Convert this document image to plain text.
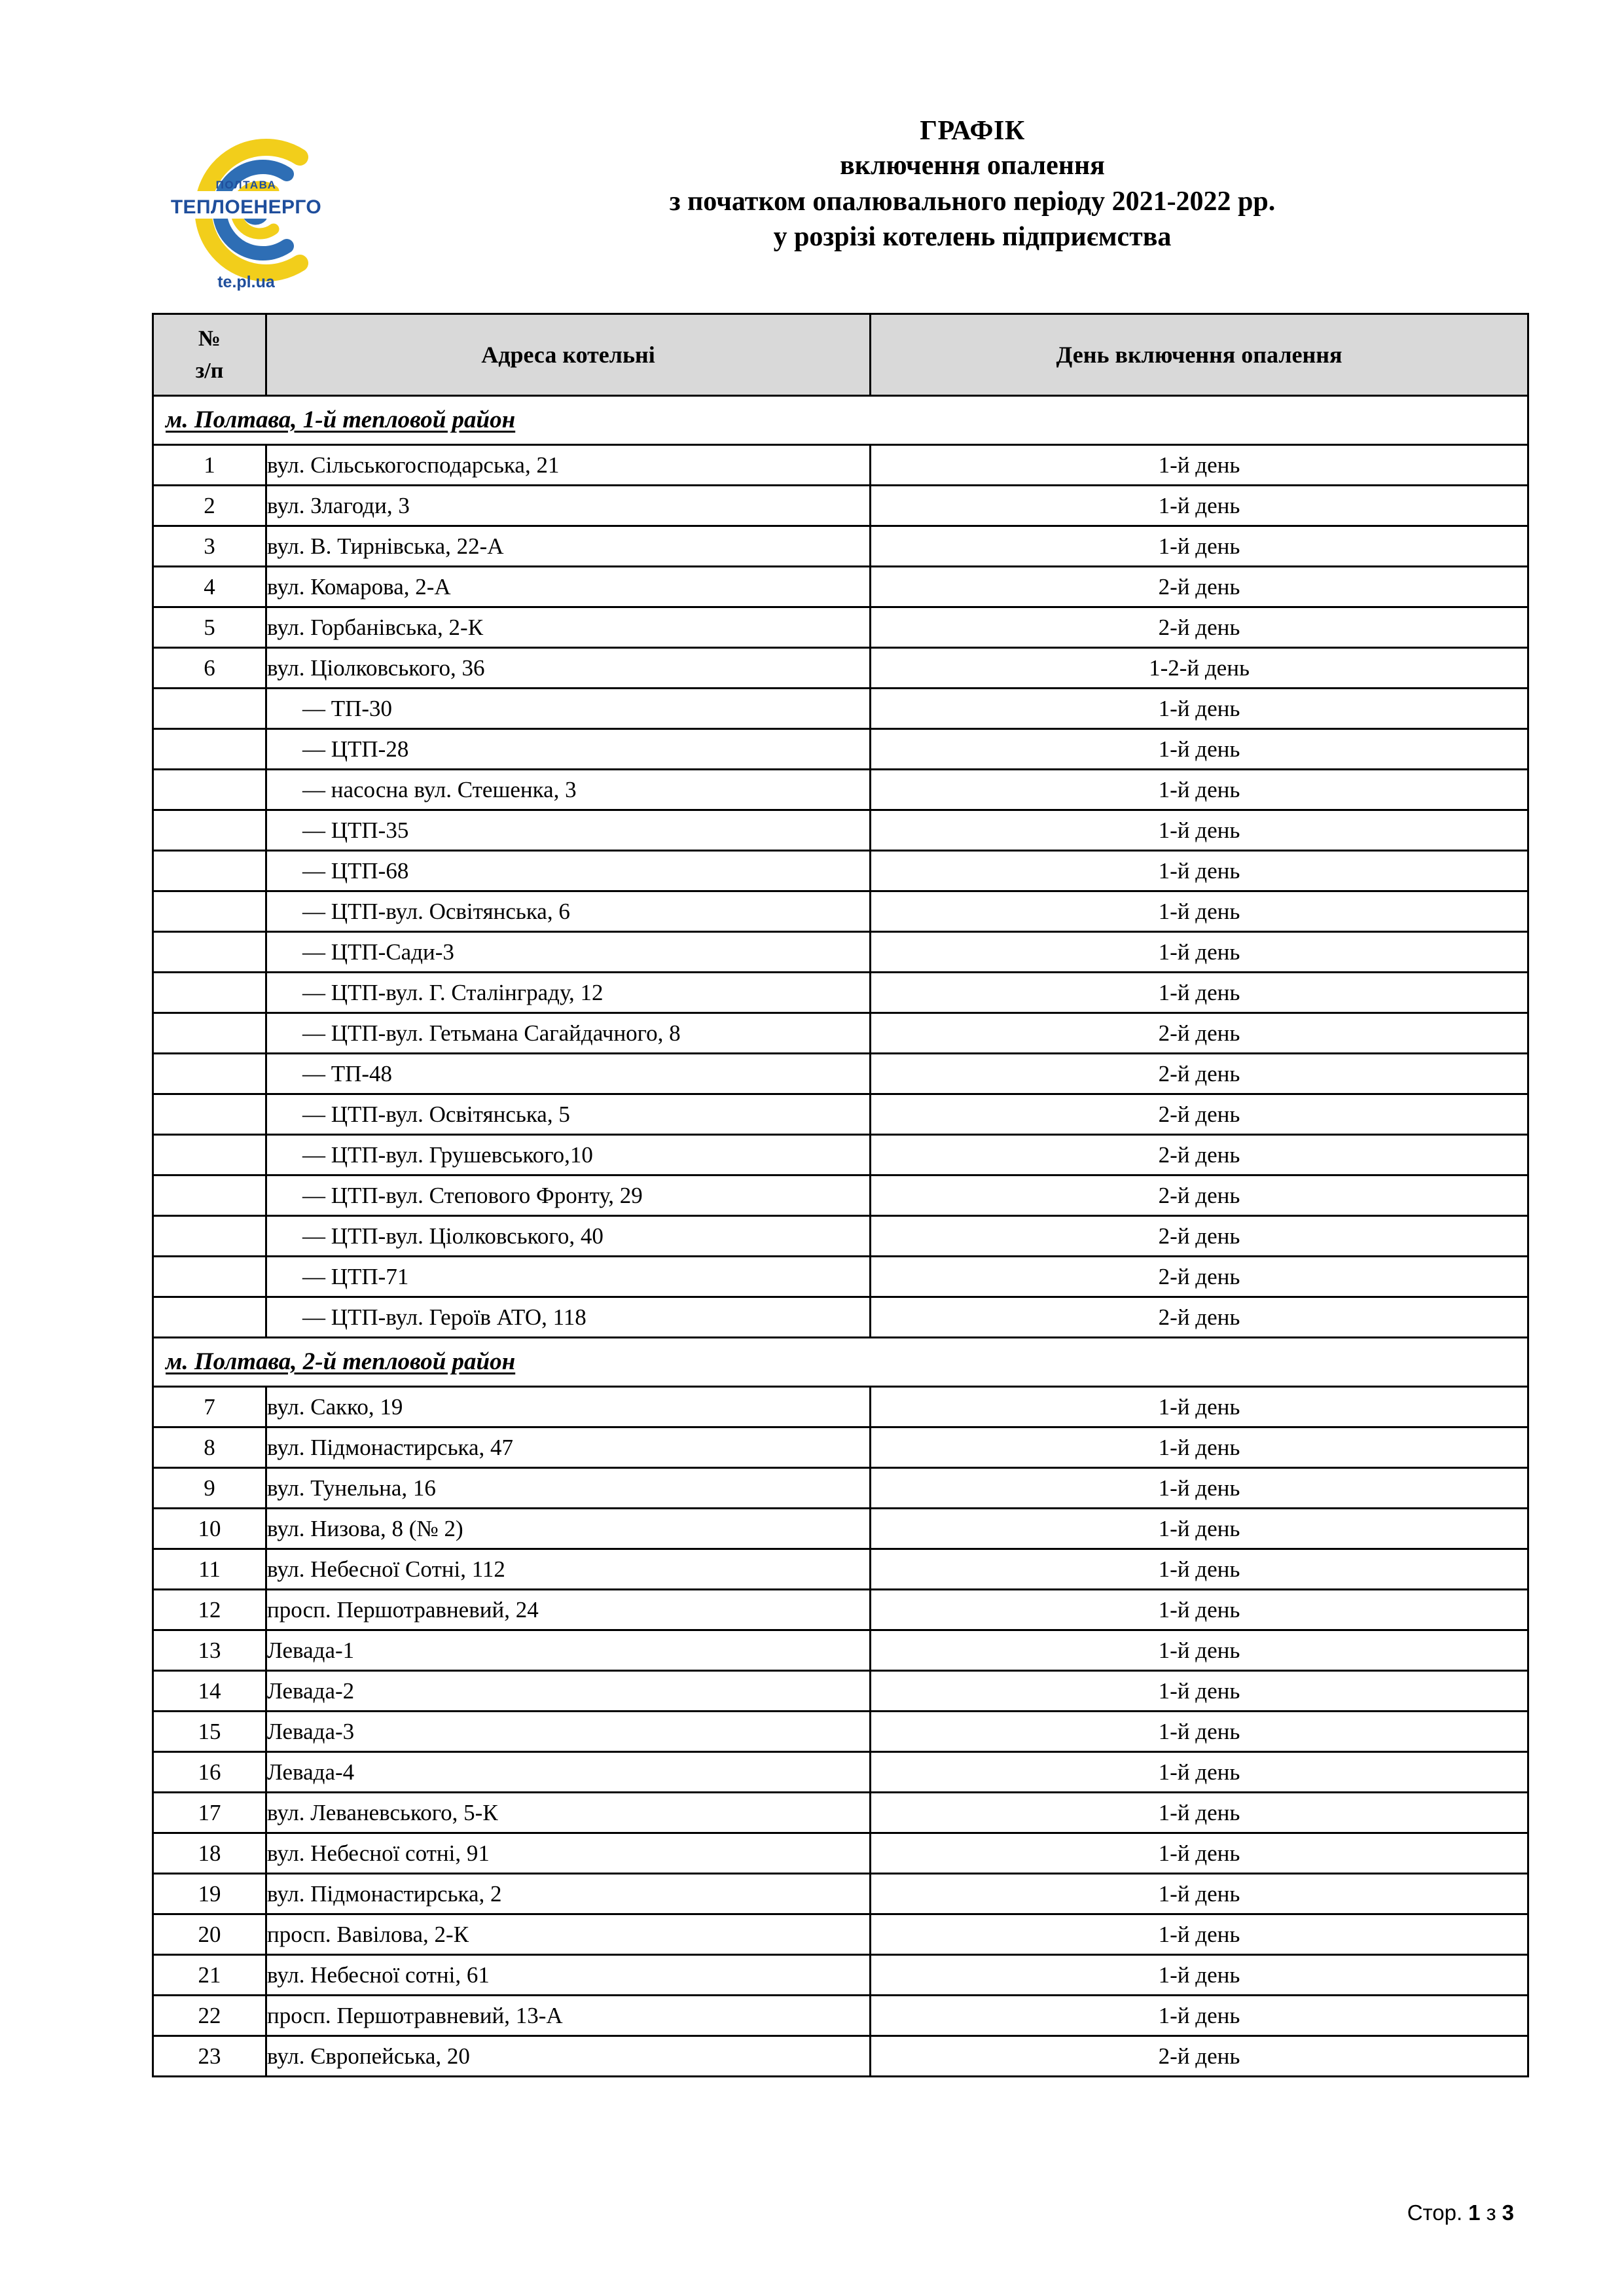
ПОЛТАВА
ТЕПЛОЕНЕРГО
te.pl.ua
ГРАФІК
включення опалення
з початком опалювального періоду 2021-2022 рр.
у розрізі котелень підприємства
№
з/п	Адреса котельні	День включення опалення
м. Полтава, 1-й тепловой район		
1	вул. Сільськогосподарська, 21	1-й день
2	вул. Злагоди, 3	1-й день
3	вул. В. Тирнівська, 22-А	1-й день
4	вул. Комарова, 2-А	2-й день
5	вул. Горбанівська, 2-К	2-й день
6	вул. Ціолковського, 36	1-2-й день
	— ТП-30	1-й день
	— ЦТП-28	1-й день
	— насосна вул. Стешенка, 3	1-й день
	— ЦТП-35	1-й день
	— ЦТП-68	1-й день
	— ЦТП-вул. Освітянська, 6	1-й день
	— ЦТП-Сади-3	1-й день
	— ЦТП-вул. Г. Сталінграду, 12	1-й день
	— ЦТП-вул. Гетьмана Сагайдачного, 8	2-й день
	— ТП-48	2-й день
	— ЦТП-вул. Освітянська, 5	2-й день
	— ЦТП-вул. Грушевського,10	2-й день
	— ЦТП-вул. Степового Фронту, 29	2-й день
	— ЦТП-вул. Ціолковського, 40	2-й день
	— ЦТП-71	2-й день
	— ЦТП-вул. Героїв АТО, 118	2-й день
м. Полтава, 2-й тепловой район		
7	вул. Сакко, 19	1-й день
8	вул. Підмонастирська, 47	1-й день
9	вул. Тунельна, 16	1-й день
10	вул. Низова, 8 (№ 2)	1-й день
11	вул. Небесної Сотні, 112	1-й день
12	просп. Першотравневий, 24	1-й день
13	Левада-1	1-й день
14	Левада-2	1-й день
15	Левада-3	1-й день
16	Левада-4	1-й день
17	вул. Леваневського, 5-К	1-й день
18	вул. Небесної сотні, 91	1-й день
19	вул. Підмонастирська, 2	1-й день
20	просп. Вавілова, 2-К	1-й день
21	вул. Небесної сотні, 61	1-й день
22	просп. Першотравневий, 13-А	1-й день
23	вул. Європейська, 20	2-й день
Стор. 1 з 3
